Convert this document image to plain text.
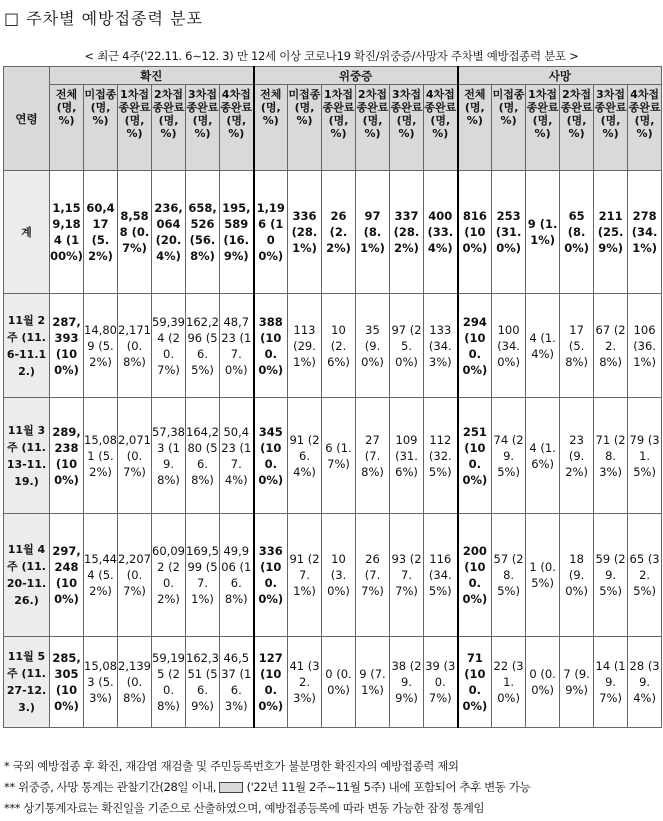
□ 주차별 예방접종력 분포
< 최근 4주('22.11. 6∼12. 3) 만 12세 이상 코로나19 확진/위중증/사망자 주차별 예방접종력 분포 >
연령	확진						위중증						사망					
	전체 (명, %)	미접종 (명, %)	1차접종완료 (명, %)	2차접종완료 (명, %)	3차접종완료 (명, %)	4차접종완료 (명, %)	전체 (명, %)	미접종 (명, %)	1차접종완료 (명, %)	2차접종완료 (명, %)	3차접종완료 (명, %)	4차접종완료 (명, %)	전체 (명, %)	미접종 (명, %)	1차접종완료 (명, %)	2차접종완료 (명, %)	3차접종완료 (명, %)	4차접종완료 (명, %)
계	1,159,184 (100%)	60,417 (5.2%)	8,588 (0.7%)	236,064 (20.4%)	658,526 (56.8%)	195,589 (16.9%)	1,196 (100%)	336 (28.1%)	26 (2.2%)	97 (8.1%)	337 (28.2%)	400 (33.4%)	816 (100%)	253 (31.0%)	9 (1.1%)	65 (8.0%)	211 (25.9%)	278 (34.1%)
11월 2주 (11.6-11.12.)	287,393 (100%)	14,809 (5.2%)	2,171 (0.8%)	59,394 (20.7%)	162,296 (56.5%)	48,723 (17.0%)	388 (100.0%)	113 (29.1%)	10 (2.6%)	35 (9.0%)	97 (25.0%)	133 (34.3%)	294 (100.0%)	100 (34.0%)	4 (1.4%)	17 (5.8%)	67 (22.8%)	106 (36.1%)
11월 3주 (11.13-11.19.)	289,238 (100%)	15,081 (5.2%)	2,071 (0.7%)	57,383 (19.8%)	164,280 (56.8%)	50,423 (17.4%)	345 (100.0%)	91 (26.4%)	6 (1.7%)	27 (7.8%)	109 (31.6%)	112 (32.5%)	251 (100.0%)	74 (29.5%)	4 (1.6%)	23 (9.2%)	71 (28.3%)	79 (31.5%)
11월 4주 (11.20-11.26.)	297,248 (100%)	15,444 (5.2%)	2,207 (0.7%)	60,092 (20.2%)	169,599 (57.1%)	49,906 (16.8%)	336 (100.0%)	91 (27.1%)	10 (3.0%)	26 (7.7%)	93 (27.7%)	116 (34.5%)	200 (100.0%)	57 (28.5%)	1 (0.5%)	18 (9.0%)	59 (29.5%)	65 (32.5%)
11월 5주 (11.27-12.3.)	285,305 (100%)	15,083 (5.3%)	2,139 (0.8%)	59,195 (20.8%)	162,351 (56.9%)	46,537 (16.3%)	127 (100.0%)	41 (32.3%)	0 (0.0%)	9 (7.1%)	38 (29.9%)	39 (30.7%)	71 (100.0%)	22 (31.0%)	0 (0.0%)	7 (9.9%)	14 (19.7%)	28 (39.4%)
* 국외 예방접종 후 확진, 재감염 재검출 및 주민등록번호가 불분명한 확진자의 예방접종력 제외
** 위중증, 사망 통계는 관찰기간(28일 이내,	('22년 11월 2주∼11월 5주) 내에 포함되어 추후 변동 가능
*** 상기통계자료는 확진일을 기준으로 산출하였으며, 예방접종등록에 따라 변동 가능한 잠정 통계임
